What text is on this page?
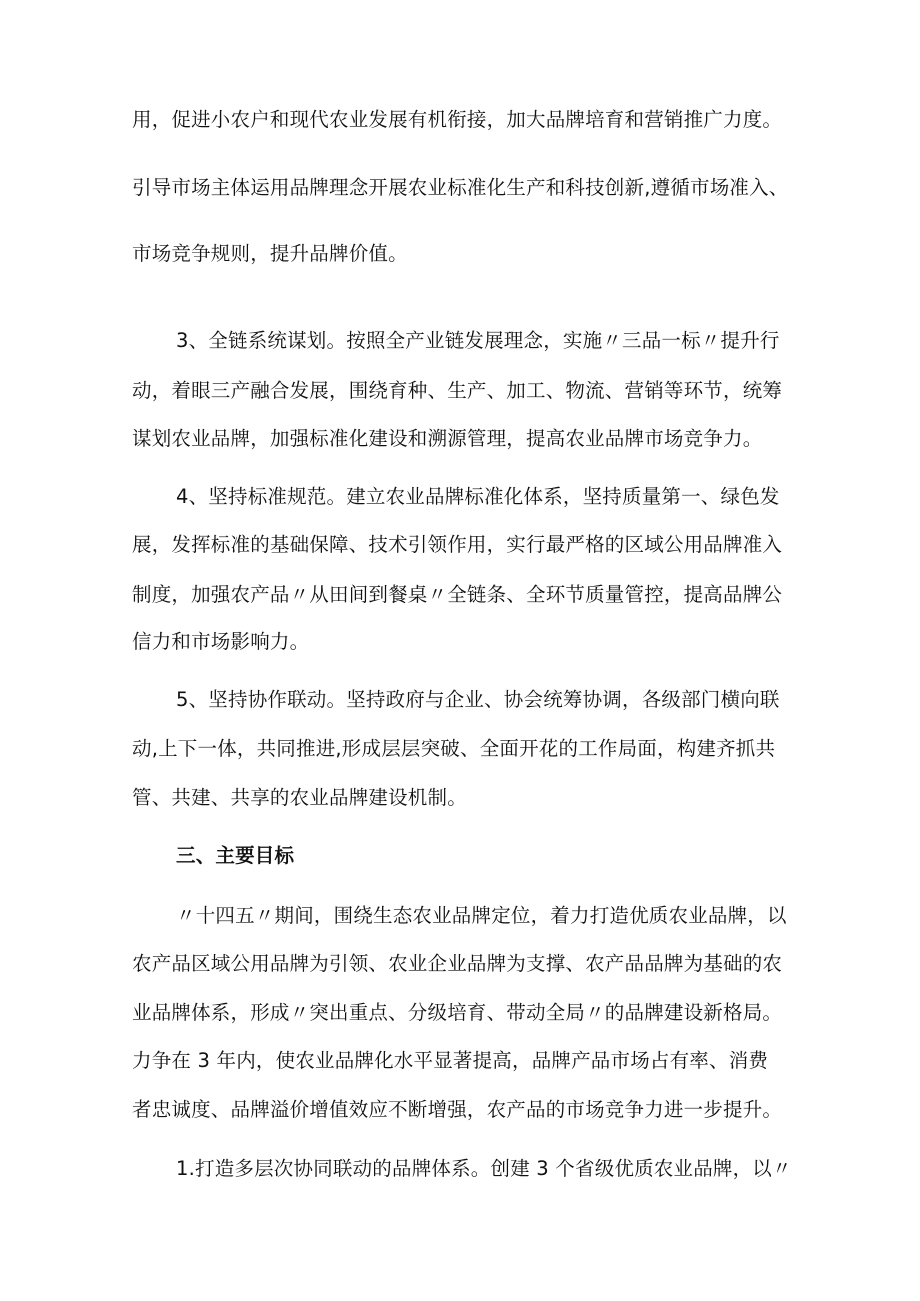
用，促进小农户和现代农业发展有机衔接，加大品牌培育和营销推广力度。
引导市场主体运用品牌理念开展农业标准化生产和科技创新,遵循市场准入、
市场竞争规则，提升品牌价值。
3、全链系统谋划。按照全产业链发展理念，实施〃三品一标〃提升行
动，着眼三产融合发展，围绕育种、生产、加工、物流、营销等环节，统筹
谋划农业品牌，加强标准化建设和溯源管理，提高农业品牌市场竞争力。
4、坚持标准规范。建立农业品牌标准化体系，坚持质量第一、绿色发
展，发挥标准的基础保障、技术引领作用，实行最严格的区域公用品牌准入
制度，加强农产品〃从田间到餐桌〃全链条、全环节质量管控，提高品牌公
信力和市场影响力。
5、坚持协作联动。坚持政府与企业、协会统筹协调，各级部门横向联
动,上下一体，共同推进,形成层层突破、全面开花的工作局面，构建齐抓共
管、共建、共享的农业品牌建设机制。
三、主要目标
〃十四五〃期间，围绕生态农业品牌定位，着力打造优质农业品牌，以
农产品区域公用品牌为引领、农业企业品牌为支撑、农产品品牌为基础的农
业品牌体系，形成〃突出重点、分级培育、带动全局〃的品牌建设新格局。
力争在 3 年内，使农业品牌化水平显著提高，品牌产品市场占有率、消费
者忠诚度、品牌溢价增值效应不断增强，农产品的市场竞争力进一步提升。
1.打造多层次协同联动的品牌体系。创建 3 个省级优质农业品牌，以〃
